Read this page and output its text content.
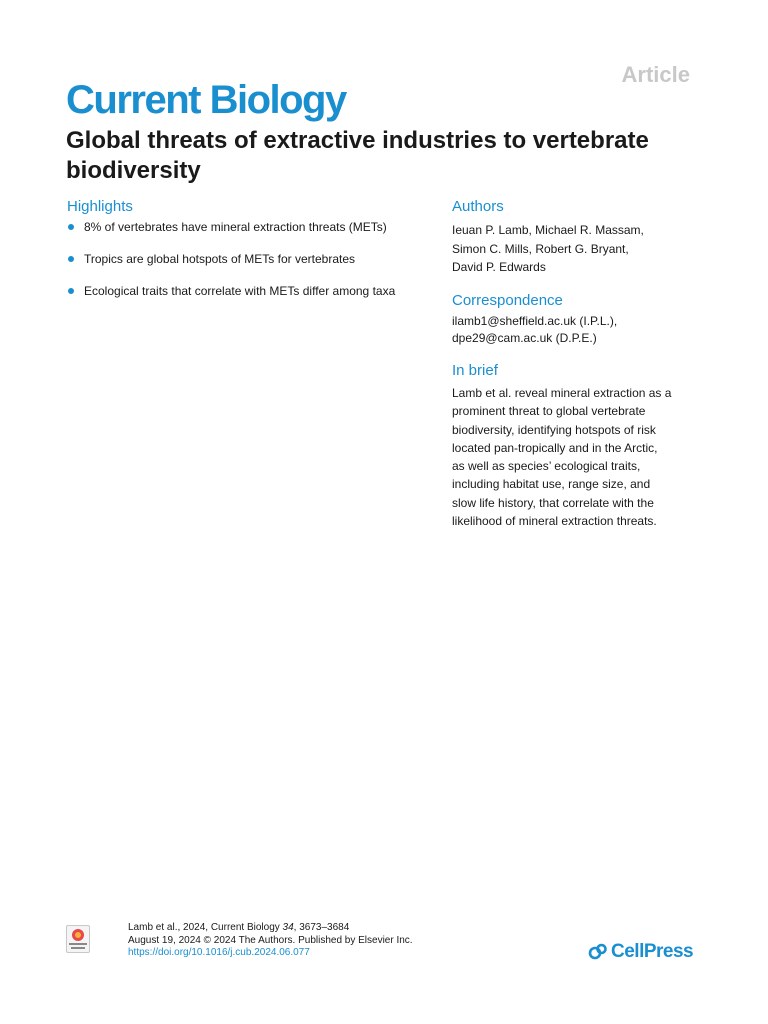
Article
Current Biology
Global threats of extractive industries to vertebrate biodiversity
Highlights
8% of vertebrates have mineral extraction threats (METs)
Tropics are global hotspots of METs for vertebrates
Ecological traits that correlate with METs differ among taxa
Authors
Ieuan P. Lamb, Michael R. Massam,
Simon C. Mills, Robert G. Bryant,
David P. Edwards
Correspondence
ilamb1@sheffield.ac.uk (I.P.L.),
dpe29@cam.ac.uk (D.P.E.)
In brief
Lamb et al. reveal mineral extraction as a
prominent threat to global vertebrate
biodiversity, identifying hotspots of risk
located pan-tropically and in the Arctic,
as well as species’ ecological traits,
including habitat use, range size, and
slow life history, that correlate with the
likelihood of mineral extraction threats.
Lamb et al., 2024, Current Biology 34, 3673–3684
August 19, 2024 © 2024 The Authors. Published by Elsevier Inc.
https://doi.org/10.1016/j.cub.2024.06.077	CellPress
